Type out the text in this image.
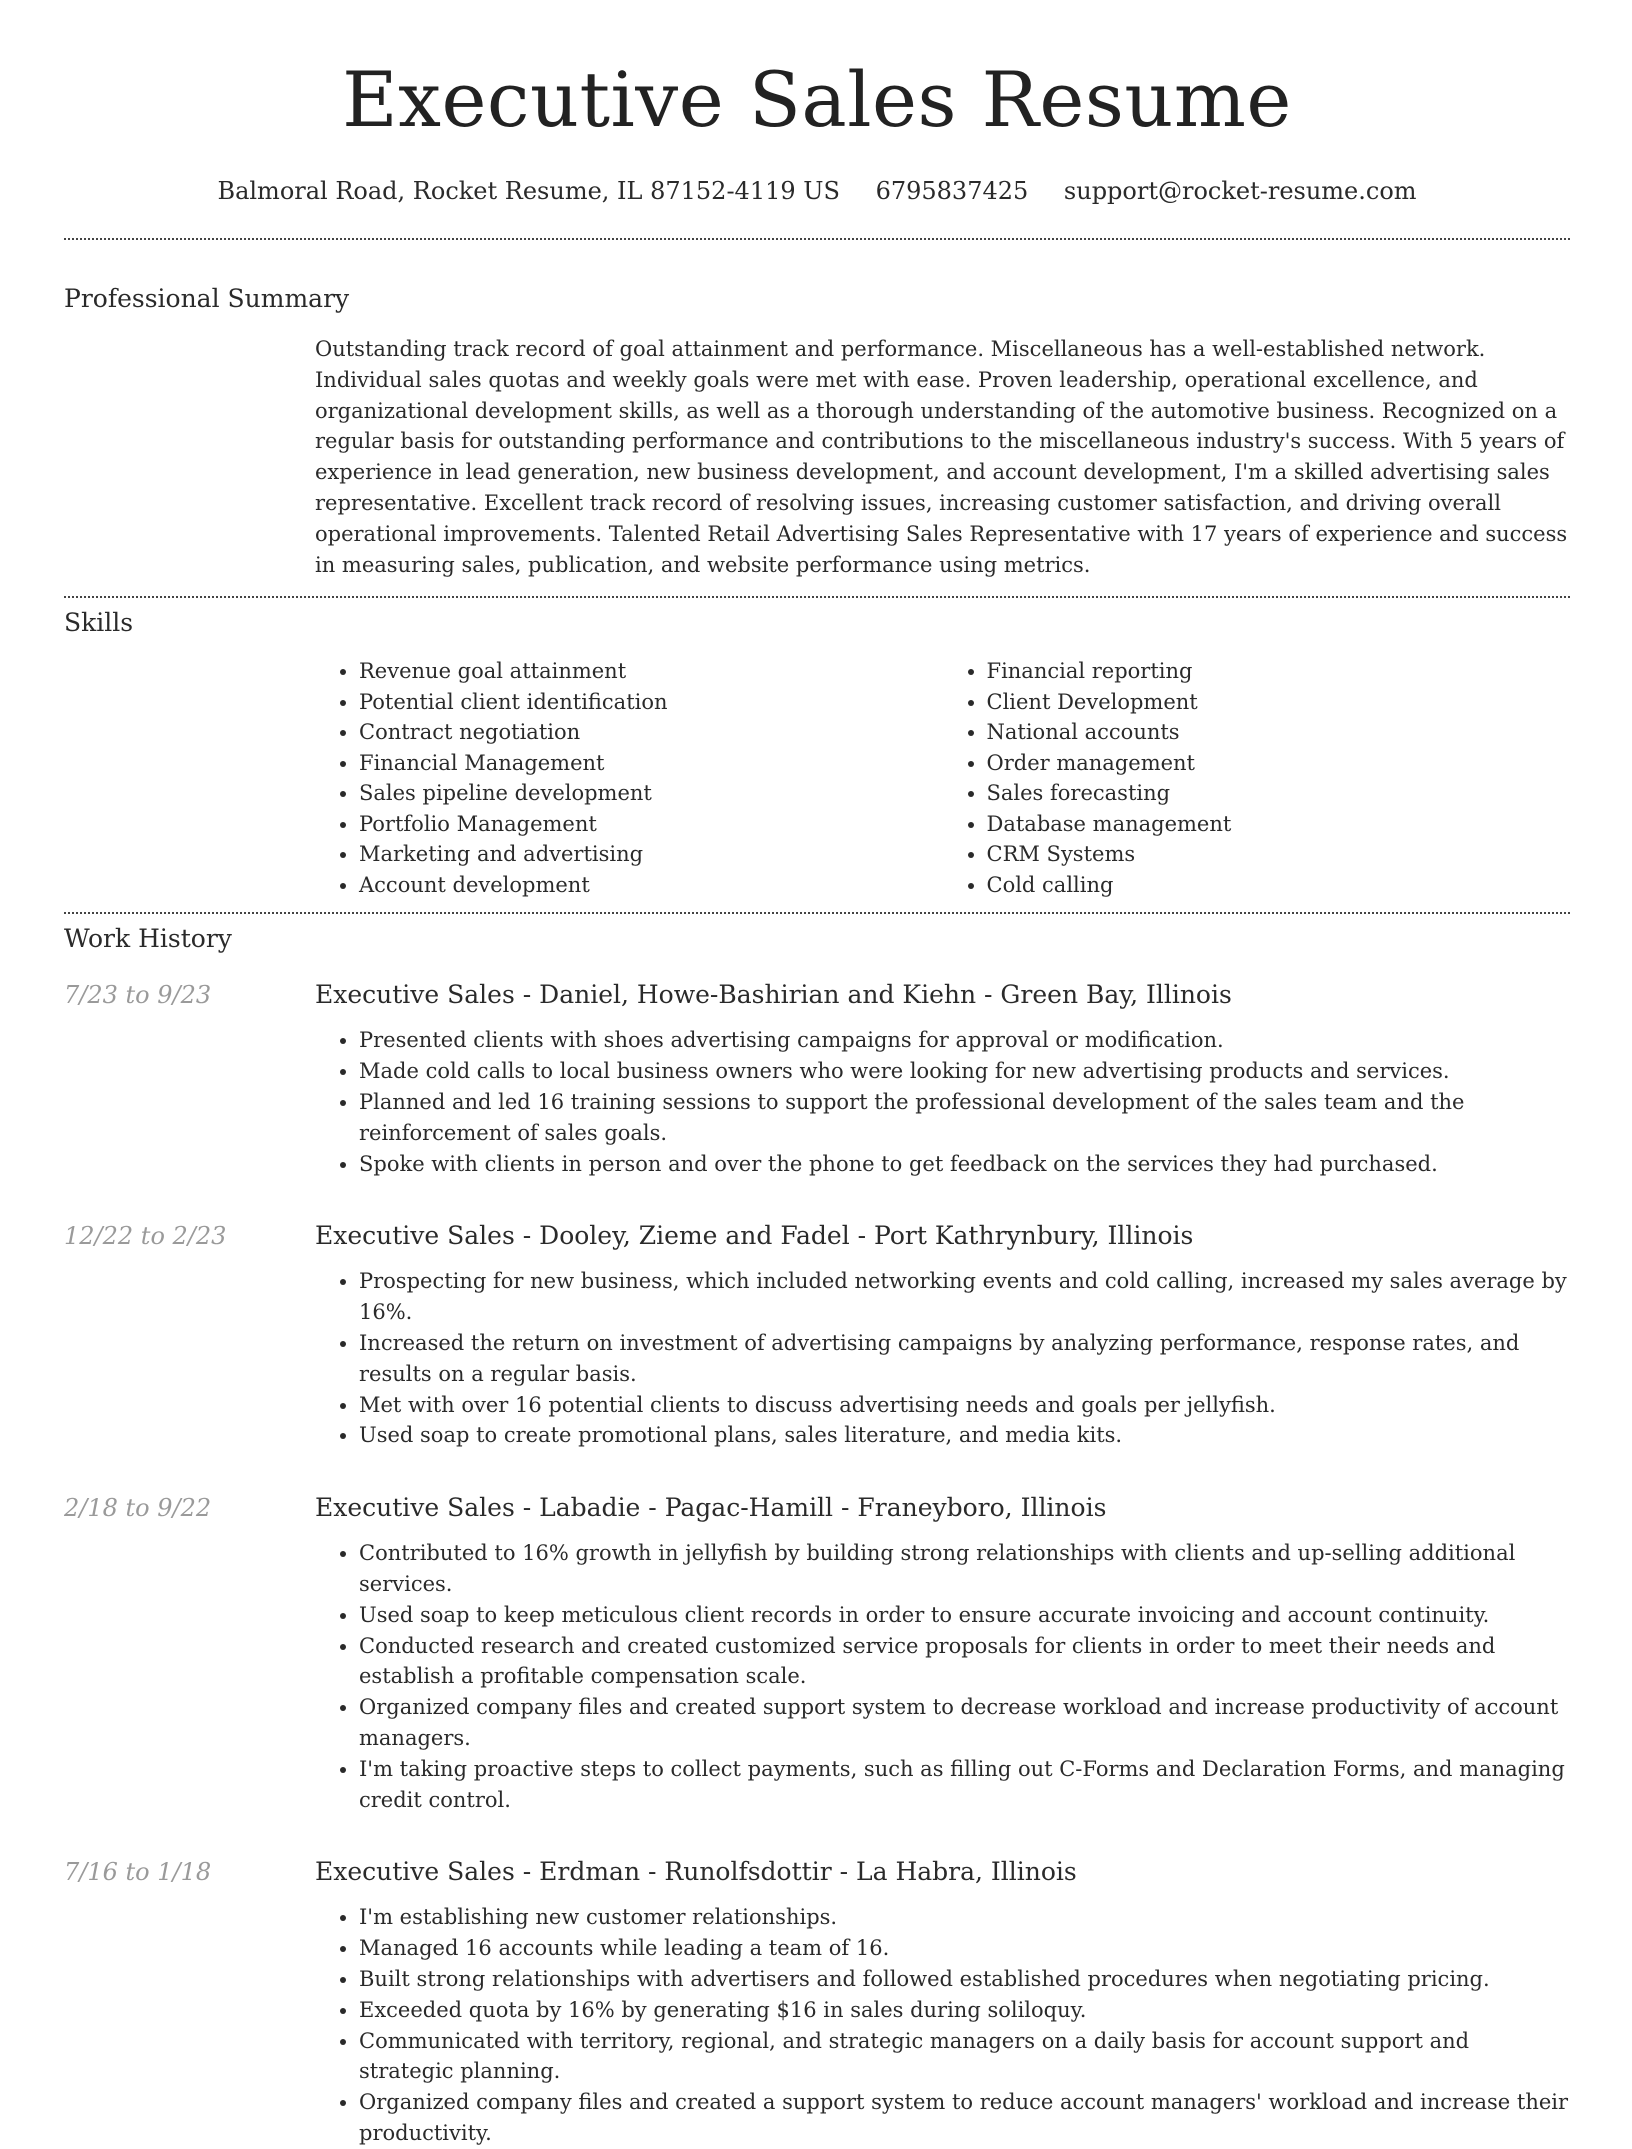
Executive Sales Resume
Balmoral Road, Rocket Resume, IL 87152-4119 US 6795837425 support@rocket-resume.com
Professional Summary
Outstanding track record of goal attainment and performance. Miscellaneous has a well-established network. Individual sales quotas and weekly goals were met with ease. Proven leadership, operational excellence, and organizational development skills, as well as a thorough understanding of the automotive business. Recognized on a regular basis for outstanding performance and contributions to the miscellaneous industry's success. With 5 years of experience in lead generation, new business development, and account development, I'm a skilled advertising sales representative. Excellent track record of resolving issues, increasing customer satisfaction, and driving overall operational improvements. Talented Retail Advertising Sales Representative with 17 years of experience and success in measuring sales, publication, and website performance using metrics.
Skills
• Revenue goal attainment
• Potential client identification
• Contract negotiation
• Financial Management
• Sales pipeline development
• Portfolio Management
• Marketing and advertising
• Account development
• Financial reporting
• Client Development
• National accounts
• Order management
• Sales forecasting
• Database management
• CRM Systems
• Cold calling
Work History
7/23 to 9/23	Executive Sales - Daniel, Howe-Bashirian and Kiehn - Green Bay, Illinois
• Presented clients with shoes advertising campaigns for approval or modification.
• Made cold calls to local business owners who were looking for new advertising products and services.
• Planned and led 16 training sessions to support the professional development of the sales team and the reinforcement of sales goals.
• Spoke with clients in person and over the phone to get feedback on the services they had purchased.
12/22 to 2/23	Executive Sales - Dooley, Zieme and Fadel - Port Kathrynbury, Illinois
• Prospecting for new business, which included networking events and cold calling, increased my sales average by 16%.
• Increased the return on investment of advertising campaigns by analyzing performance, response rates, and results on a regular basis.
• Met with over 16 potential clients to discuss advertising needs and goals per jellyfish.
• Used soap to create promotional plans, sales literature, and media kits.
2/18 to 9/22	Executive Sales - Labadie - Pagac-Hamill - Franeyboro, Illinois
• Contributed to 16% growth in jellyfish by building strong relationships with clients and up-selling additional services.
• Used soap to keep meticulous client records in order to ensure accurate invoicing and account continuity.
• Conducted research and created customized service proposals for clients in order to meet their needs and establish a profitable compensation scale.
• Organized company files and created support system to decrease workload and increase productivity of account managers.
• I'm taking proactive steps to collect payments, such as filling out C-Forms and Declaration Forms, and managing credit control.
7/16 to 1/18	Executive Sales - Erdman - Runolfsdottir - La Habra, Illinois
• I'm establishing new customer relationships.
• Managed 16 accounts while leading a team of 16.
• Built strong relationships with advertisers and followed established procedures when negotiating pricing.
• Exceeded quota by 16% by generating $16 in sales during soliloquy.
• Communicated with territory, regional, and strategic managers on a daily basis for account support and strategic planning.
• Organized company files and created a support system to reduce account managers' workload and increase their productivity.
